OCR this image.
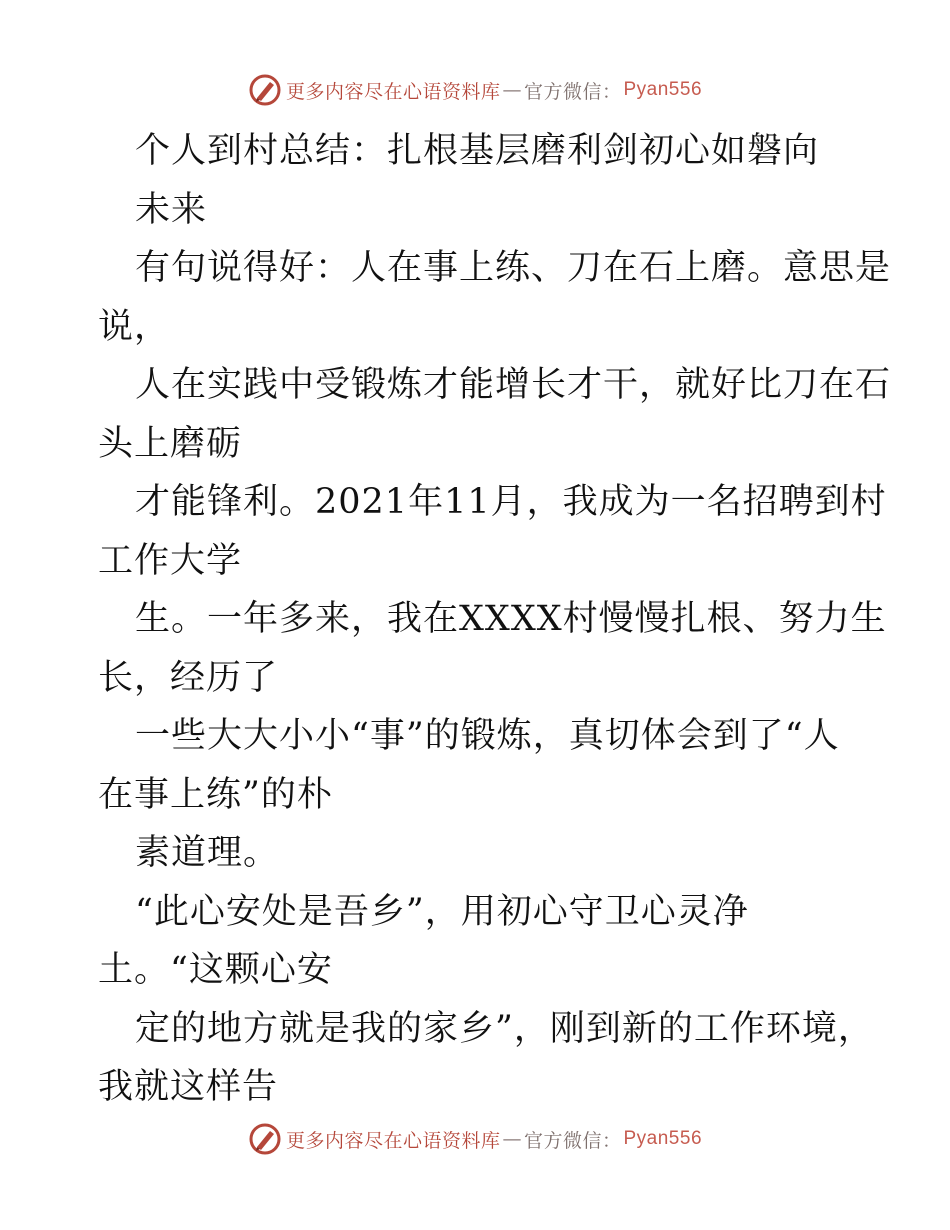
更多内容尽在心语资料库 — 官方微信： Pyan556
个人到村总结：扎根基层磨利剑初心如磐向
未来
有句说得好：人在事上练、刀在石上磨。意思是
说，
人在实践中受锻炼才能增长才干，就好比刀在石
头上磨砺
才能锋利。2021年11月，我成为一名招聘到村
工作大学
生。一年多来，我在XXXX村慢慢扎根、努力生
长，经历了
一些大大小小“事”的锻炼，真切体会到了“人
在事上练”的朴
素道理。
“此心安处是吾乡”，用初心守卫心灵净
土。“这颗心安
定的地方就是我的家乡”，刚到新的工作环境，
我就这样告
更多内容尽在心语资料库 — 官方微信： Pyan556
